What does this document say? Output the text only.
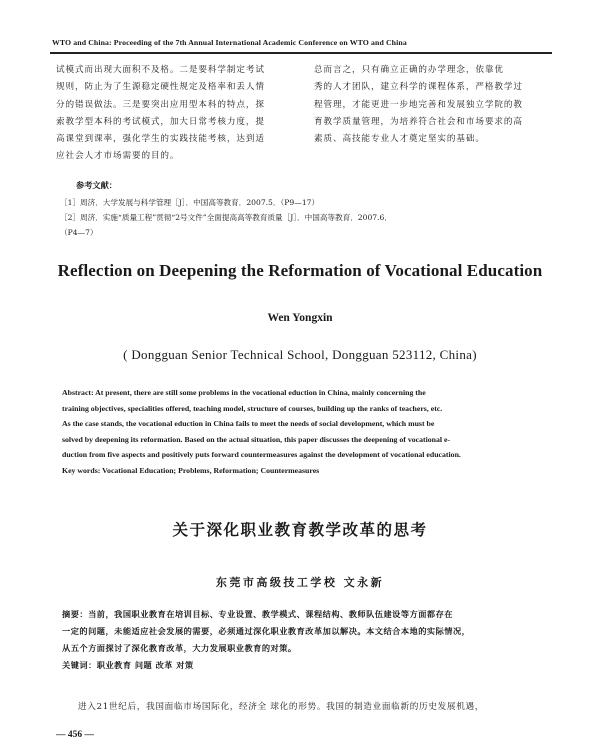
WTO and China: Proceeding of the 7th Annual International Academic Conference on WTO and China
试模式而出现大面积不及格。二是要科学制定考试
规则，防止为了生源稳定硬性规定及格率和丢人情
分的错误做法。三是要突出应用型本科的特点，探
索教学型本科的考试模式，加大日常考核力度，提
高课堂到课率，强化学生的实践技能考核，达到适
应社会人才市场需要的目的。
总而言之，只有确立正确的办学理念，依靠优
秀的人才团队，建立科学的课程体系，严格教学过
程管理，才能更进一步地完善和发展独立学院的教
育教学质量管理，为培养符合社会和市场要求的高
素质、高技能专业人才奠定坚实的基础。
参考文献：
［1］周济．大学发展与科学管理［J］．中国高等教育．2007.5．（P9—17）
［2］周济．实施“质量工程”贯彻“2号文件”全面提高高等教育质量［J］．中国高等教育．2007.6．
（P4—7）
Reflection on Deepening the Reformation of Vocational Education
Wen Yongxin
( Dongguan Senior Technical School, Dongguan 523112, China)
Abstract: At present, there are still some problems in the vocational eduction in China, mainly concerning the
training objectives, specialities offered, teaching model, structure of courses, building up the ranks of teachers, etc.
As the case stands, the vocational eduction in China fails to meet the needs of social development, which must be
solved by deepening its reformation. Based on the actual situation, this paper discusses the deepening of vocational e-
duction from five aspects and positively puts forward countermeasures against the development of vocational education.
Key words: Vocational Education; Problems, Reformation; Countermeasures
关于深化职业教育教学改革的思考
东莞市高级技工学校 文永新
摘要：当前，我国职业教育在培训目标、专业设置、教学模式、课程结构、教师队伍建设等方面都存在
一定的问题，未能适应社会发展的需要，必须通过深化职业教育改革加以解决。本文结合本地的实际情况，
从五个方面探讨了深化教育改革，大力发展职业教育的对策。
关键词：职业教育 问题 改革 对策
进入21世纪后，我国面临市场国际化，经济全 球化的形势。我国的制造业面临新的历史发展机遇，
— 456 —
